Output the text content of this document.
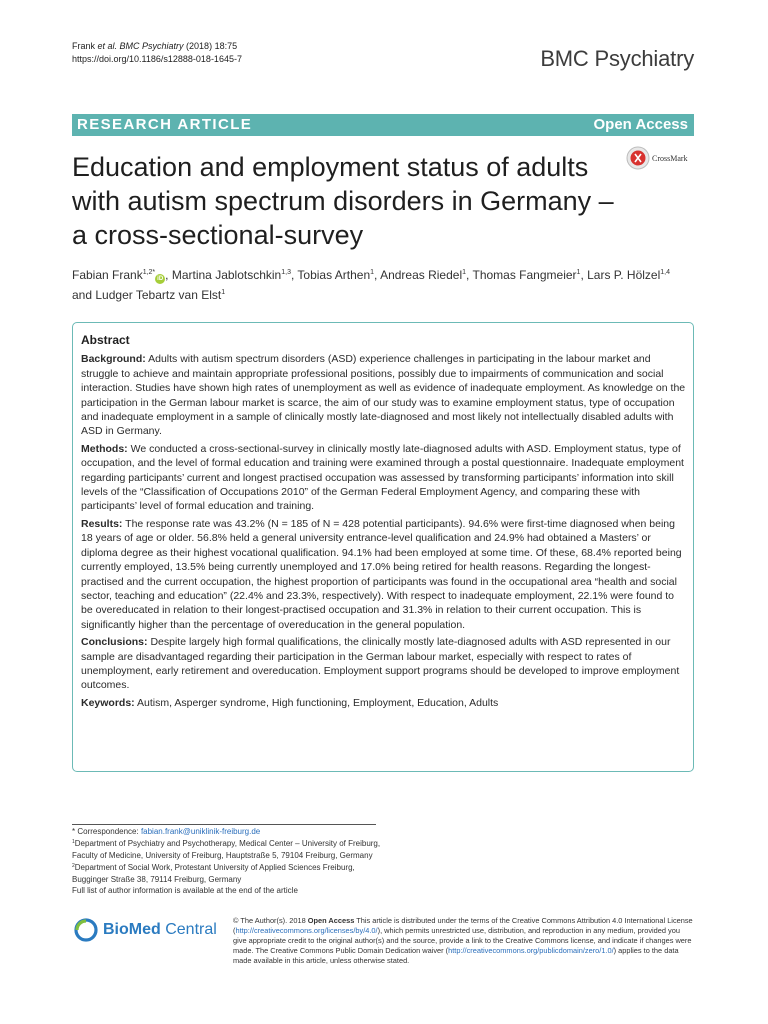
Frank et al. BMC Psychiatry (2018) 18:75
https://doi.org/10.1186/s12888-018-1645-7	BMC Psychiatry
RESEARCH ARTICLE	Open Access
Education and employment status of adults with autism spectrum disorders in Germany – a cross-sectional-survey
CrossMark
Fabian Frank$^{1,2*}$iD , Martina Jablotschkin$^{1,3}$, Tobias Arthen$^1$, Andreas Riedel$^1$, Thomas Fangmeier$^1$, Lars P. Hölzel$^{1,4}$
and Ludger Tebartz van Elst$^1$
Abstract

Background: Adults with autism spectrum disorders (ASD) experience challenges in participating in the labour market and struggle to achieve and maintain appropriate professional positions, possibly due to impairments of communication and social interaction. Studies have shown high rates of unemployment as well as evidence of inadequate employment. As knowledge on the participation in the German labour market is scarce, the aim of our study was to examine employment status, type of occupation and inadequate employment in a sample of clinically mostly late-diagnosed and most likely not intellectually disabled adults with ASD in Germany.

Methods: We conducted a cross-sectional-survey in clinically mostly late-diagnosed adults with ASD. Employment status, type of occupation, and the level of formal education and training were examined through a postal questionnaire. Inadequate employment regarding participants’ current and longest practised occupation was assessed by transforming participants’ information into skill levels of the “Classification of Occupations 2010” of the German Federal Employment Agency, and comparing these with participants’ level of formal education and training.

Results: The response rate was 43.2% (N = 185 of N = 428 potential participants). 94.6% were first-time diagnosed when being 18 years of age or older. 56.8% held a general university entrance-level qualification and 24.9% had obtained a Masters’ or diploma degree as their highest vocational qualification. 94.1% had been employed at some time. Of these, 68.4% reported being currently employed, 13.5% being currently unemployed and 17.0% being retired for health reasons. Regarding the longest-practised and the current occupation, the highest proportion of participants was found in the occupational area “health and social sector, teaching and education” (22.4% and 23.3%, respectively). With respect to inadequate employment, 22.1% were found to be overeducated in relation to their longest-practised occupation and 31.3% in relation to their current occupation. This is significantly higher than the percentage of overeducation in the general population.

Conclusions: Despite largely high formal qualifications, the clinically mostly late-diagnosed adults with ASD represented in our sample are disadvantaged regarding their participation in the German labour market, especially with respect to rates of unemployment, early retirement and overeducation. Employment support programs should be developed to improve employment outcomes.

Keywords: Autism, Asperger syndrome, High functioning, Employment, Education, Adults

* Correspondence: fabian.frank@uniklinik-freiburg.de
$^1$Department of Psychiatry and Psychotherapy, Medical Center – University of Freiburg, Faculty of Medicine, University of Freiburg, Hauptstraße 5, 79104 Freiburg, Germany
$^2$Department of Social Work, Protestant University of Applied Sciences Freiburg, Bugginger Straße 38, 79114 Freiburg, Germany
Full list of author information is available at the end of the article
BioMed Central
© The Author(s). 2018 Open Access This article is distributed under the terms of the Creative Commons Attribution 4.0 International License (http://creativecommons.org/licenses/by/4.0/), which permits unrestricted use, distribution, and reproduction in any medium, provided you give appropriate credit to the original author(s) and the source, provide a link to the Creative Commons license, and indicate if changes were made. The Creative Commons Public Domain Dedication waiver (http://creativecommons.org/publicdomain/zero/1.0/) applies to the data made available in this article, unless otherwise stated.
